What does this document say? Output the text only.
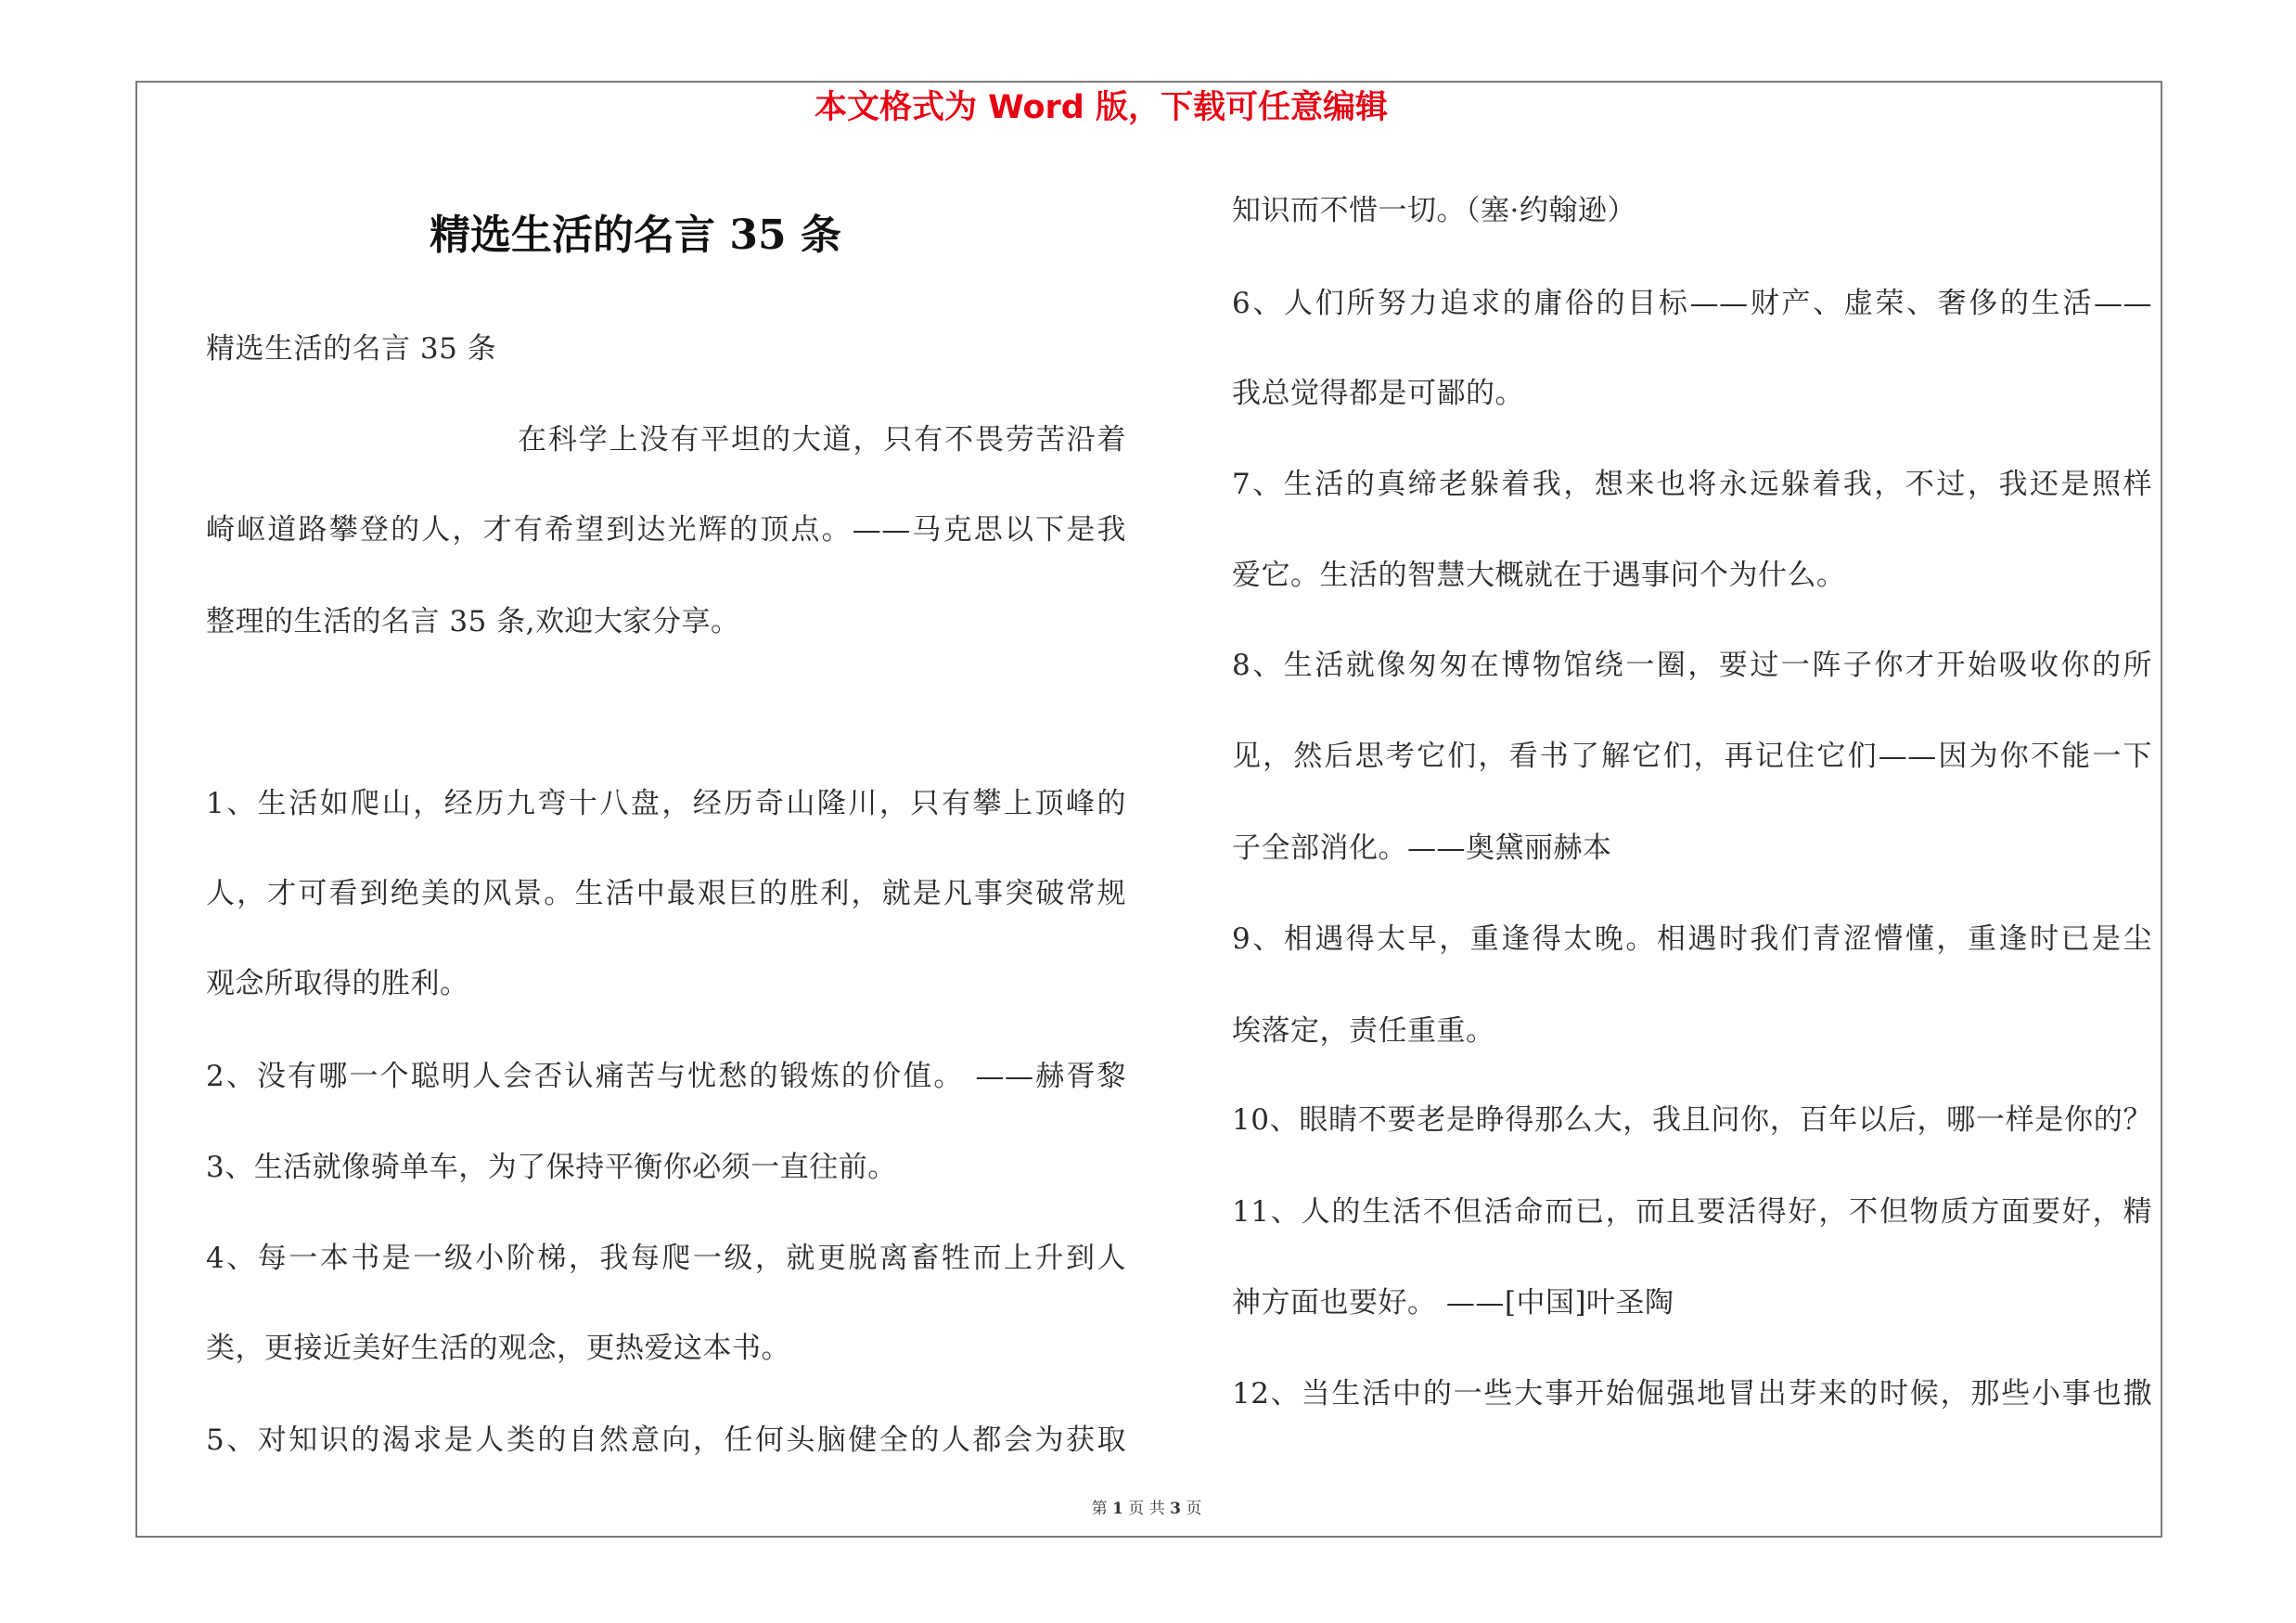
本文格式为 Word 版，下载可任意编辑
精选生活的名言 35 条
精选生活的名言 35 条
在科学上没有平坦的大道，只有不畏劳苦沿着
崎岖道路攀登的人，才有希望到达光辉的顶点。——马克思以下是我
整理的生活的名言 35 条,欢迎大家分享。
1、生活如爬山，经历九弯十八盘，经历奇山隆川，只有攀上顶峰的
人，才可看到绝美的风景。生活中最艰巨的胜利，就是凡事突破常规
观念所取得的胜利。
2、没有哪一个聪明人会否认痛苦与忧愁的锻炼的价值。 ——赫胥黎
3、生活就像骑单车，为了保持平衡你必须一直往前。
4、每一本书是一级小阶梯，我每爬一级，就更脱离畜牲而上升到人
类，更接近美好生活的观念，更热爱这本书。
5、对知识的渴求是人类的自然意向，任何头脑健全的人都会为获取
知识而不惜一切。（塞·约翰逊）
6、人们所努力追求的庸俗的目标——财产、虚荣、奢侈的生活——
我总觉得都是可鄙的。
7、生活的真缔老躲着我，想来也将永远躲着我，不过，我还是照样
爱它。生活的智慧大概就在于遇事问个为什么。
8、生活就像匆匆在博物馆绕一圈，要过一阵子你才开始吸收你的所
见，然后思考它们，看书了解它们，再记住它们——因为你不能一下
子全部消化。——奥黛丽赫本
9、相遇得太早，重逢得太晚。相遇时我们青涩懵懂，重逢时已是尘
埃落定，责任重重。
10、眼睛不要老是睁得那么大，我且问你，百年以后，哪一样是你的？
11、人的生活不但活命而已，而且要活得好，不但物质方面要好，精
神方面也要好。 ——[中国]叶圣陶
12、当生活中的一些大事开始倔强地冒出芽来的时候，那些小事也撒
第 1 页 共 3 页
